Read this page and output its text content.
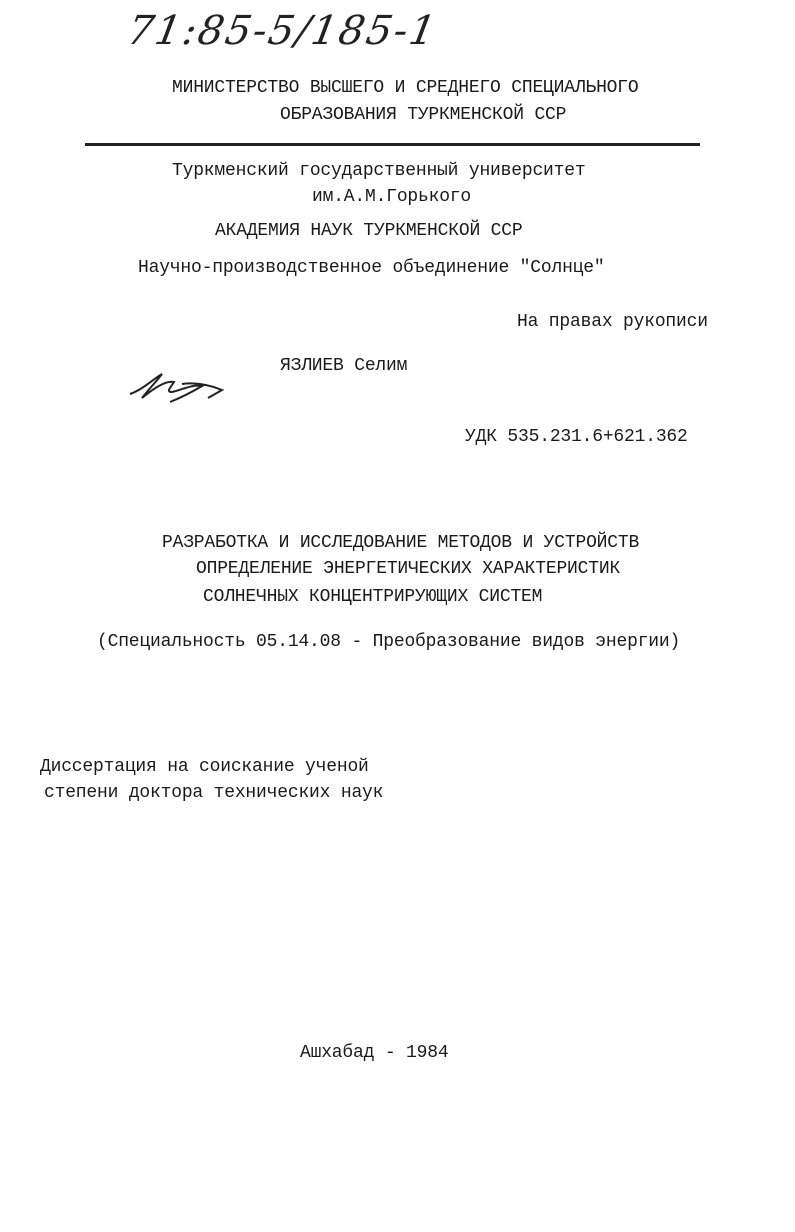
71:85-5/185-1
МИНИСТЕРСТВО ВЫСШЕГО И СРЕДНЕГО СПЕЦИАЛЬНОГО
ОБРАЗОВАНИЯ ТУРКМЕНСКОЙ ССР
Туркменский государственный университет
им.А.М.Горького
АКАДЕМИЯ НАУК ТУРКМЕНСКОЙ ССР
Научно-производственное объединение "Солнце"
На правах рукописи
ЯЗЛИЕВ Селим
УДК 535.231.6+621.362
РАЗРАБОТКА И ИССЛЕДОВАНИЕ МЕТОДОВ И УСТРОЙСТВ
ОПРЕДЕЛЕНИЕ ЭНЕРГЕТИЧЕСКИХ ХАРАКТЕРИСТИК
СОЛНЕЧНЫХ КОНЦЕНТРИРУЮЩИХ СИСТЕМ
(Специальность 05.14.08 - Преобразование видов энергии)
Диссертация на соискание ученой
степени доктора технических наук
Ашхабад - 1984
